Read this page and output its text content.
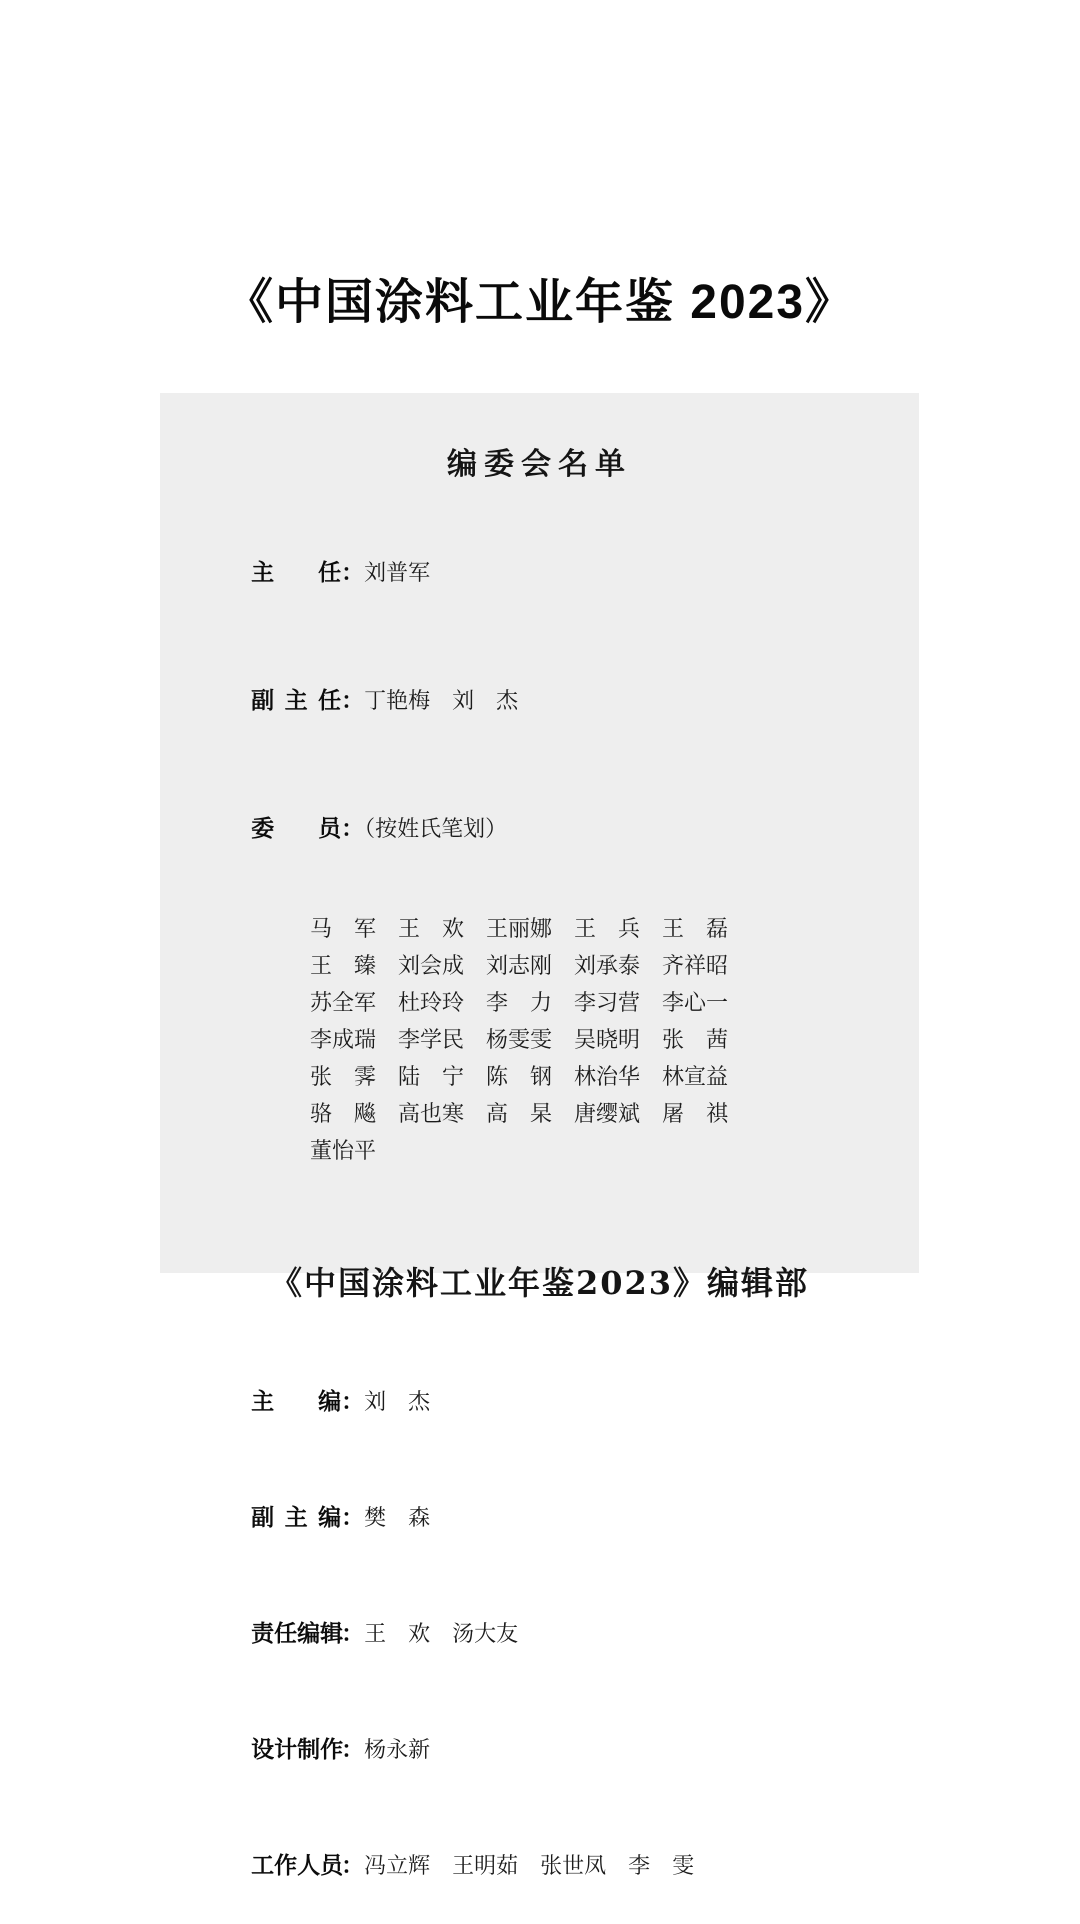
《中国涂料工业年鉴 2023》
编委会名单

主任：刘普军

副主任：丁艳梅　刘　杰

委员：（按姓氏笔划）

马　军 王　欢 王丽娜 王　兵 王　磊
王　臻 刘会成 刘志刚 刘承泰 齐祥昭
苏全军 杜玲玲 李　力 李习营 李心一
李成瑞 李学民 杨雯雯 吴晓明 张　茜
张　霁 陆　宁 陈　钢 林治华 林宣益
骆　飚 高也寒 高　杲 唐缨斌 屠　祺
董怡平
《中国涂料工业年鉴2023》编辑部

主编：刘　杰

副主编：樊　森

责任编辑：王　欢　汤大友

设计制作：杨永新

工作人员：冯立辉　王明茹　张世凤　李　雯
